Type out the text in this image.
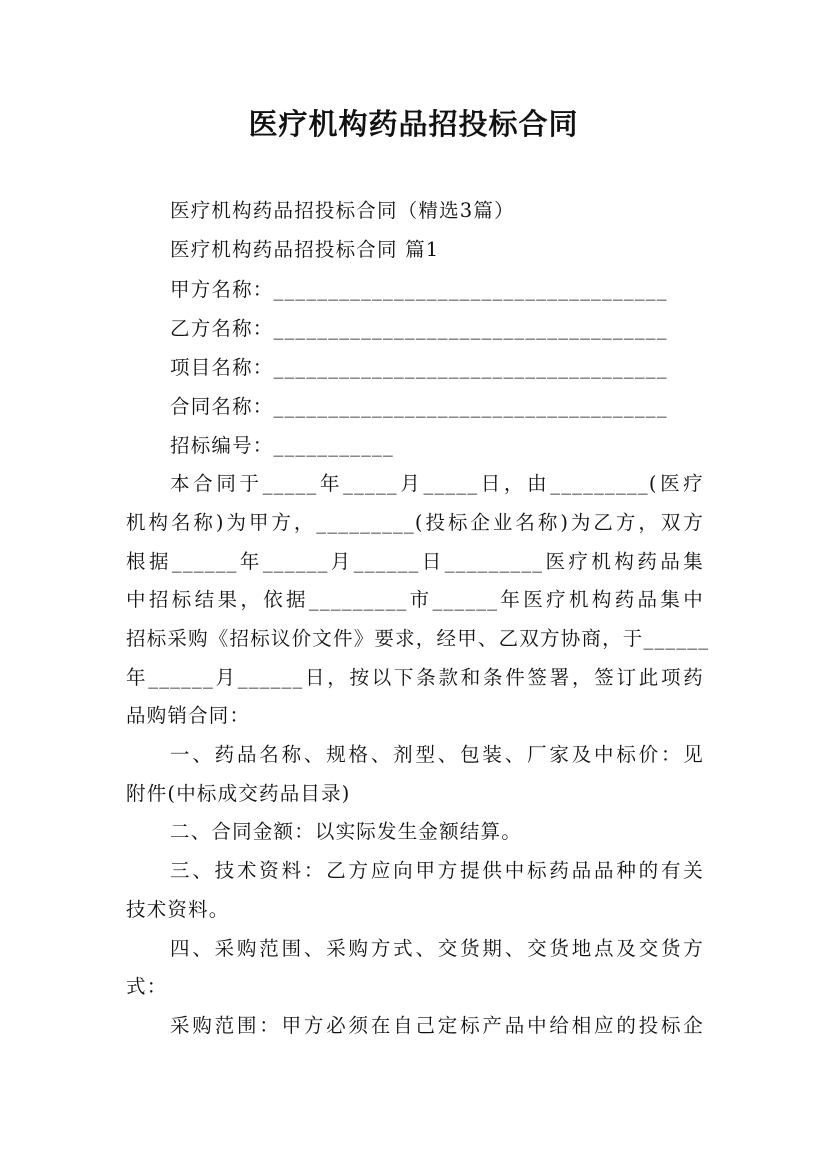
医疗机构药品招投标合同
医疗机构药品招投标合同（精选3篇）
医疗机构药品招投标合同 篇1
甲方名称：____________________________________
乙方名称：____________________________________
项目名称：____________________________________
合同名称：____________________________________
招标编号：___________
本合同于_____年_____月_____日，由_________(医疗
机构名称)为甲方，_________(投标企业名称)为乙方，双方
根据______年______月______日_________医疗机构药品集
中招标结果，依据_________市______年医疗机构药品集中
招标采购《招标议价文件》要求，经甲、乙双方协商，于______
年______月______日，按以下条款和条件签署，签订此项药
品购销合同：
一、药品名称、规格、剂型、包装、厂家及中标价：见
附件(中标成交药品目录)
二、合同金额：以实际发生金额结算。
三、技术资料：乙方应向甲方提供中标药品品种的有关
技术资料。
四、采购范围、采购方式、交货期、交货地点及交货方
式：
采购范围：甲方必须在自己定标产品中给相应的投标企
